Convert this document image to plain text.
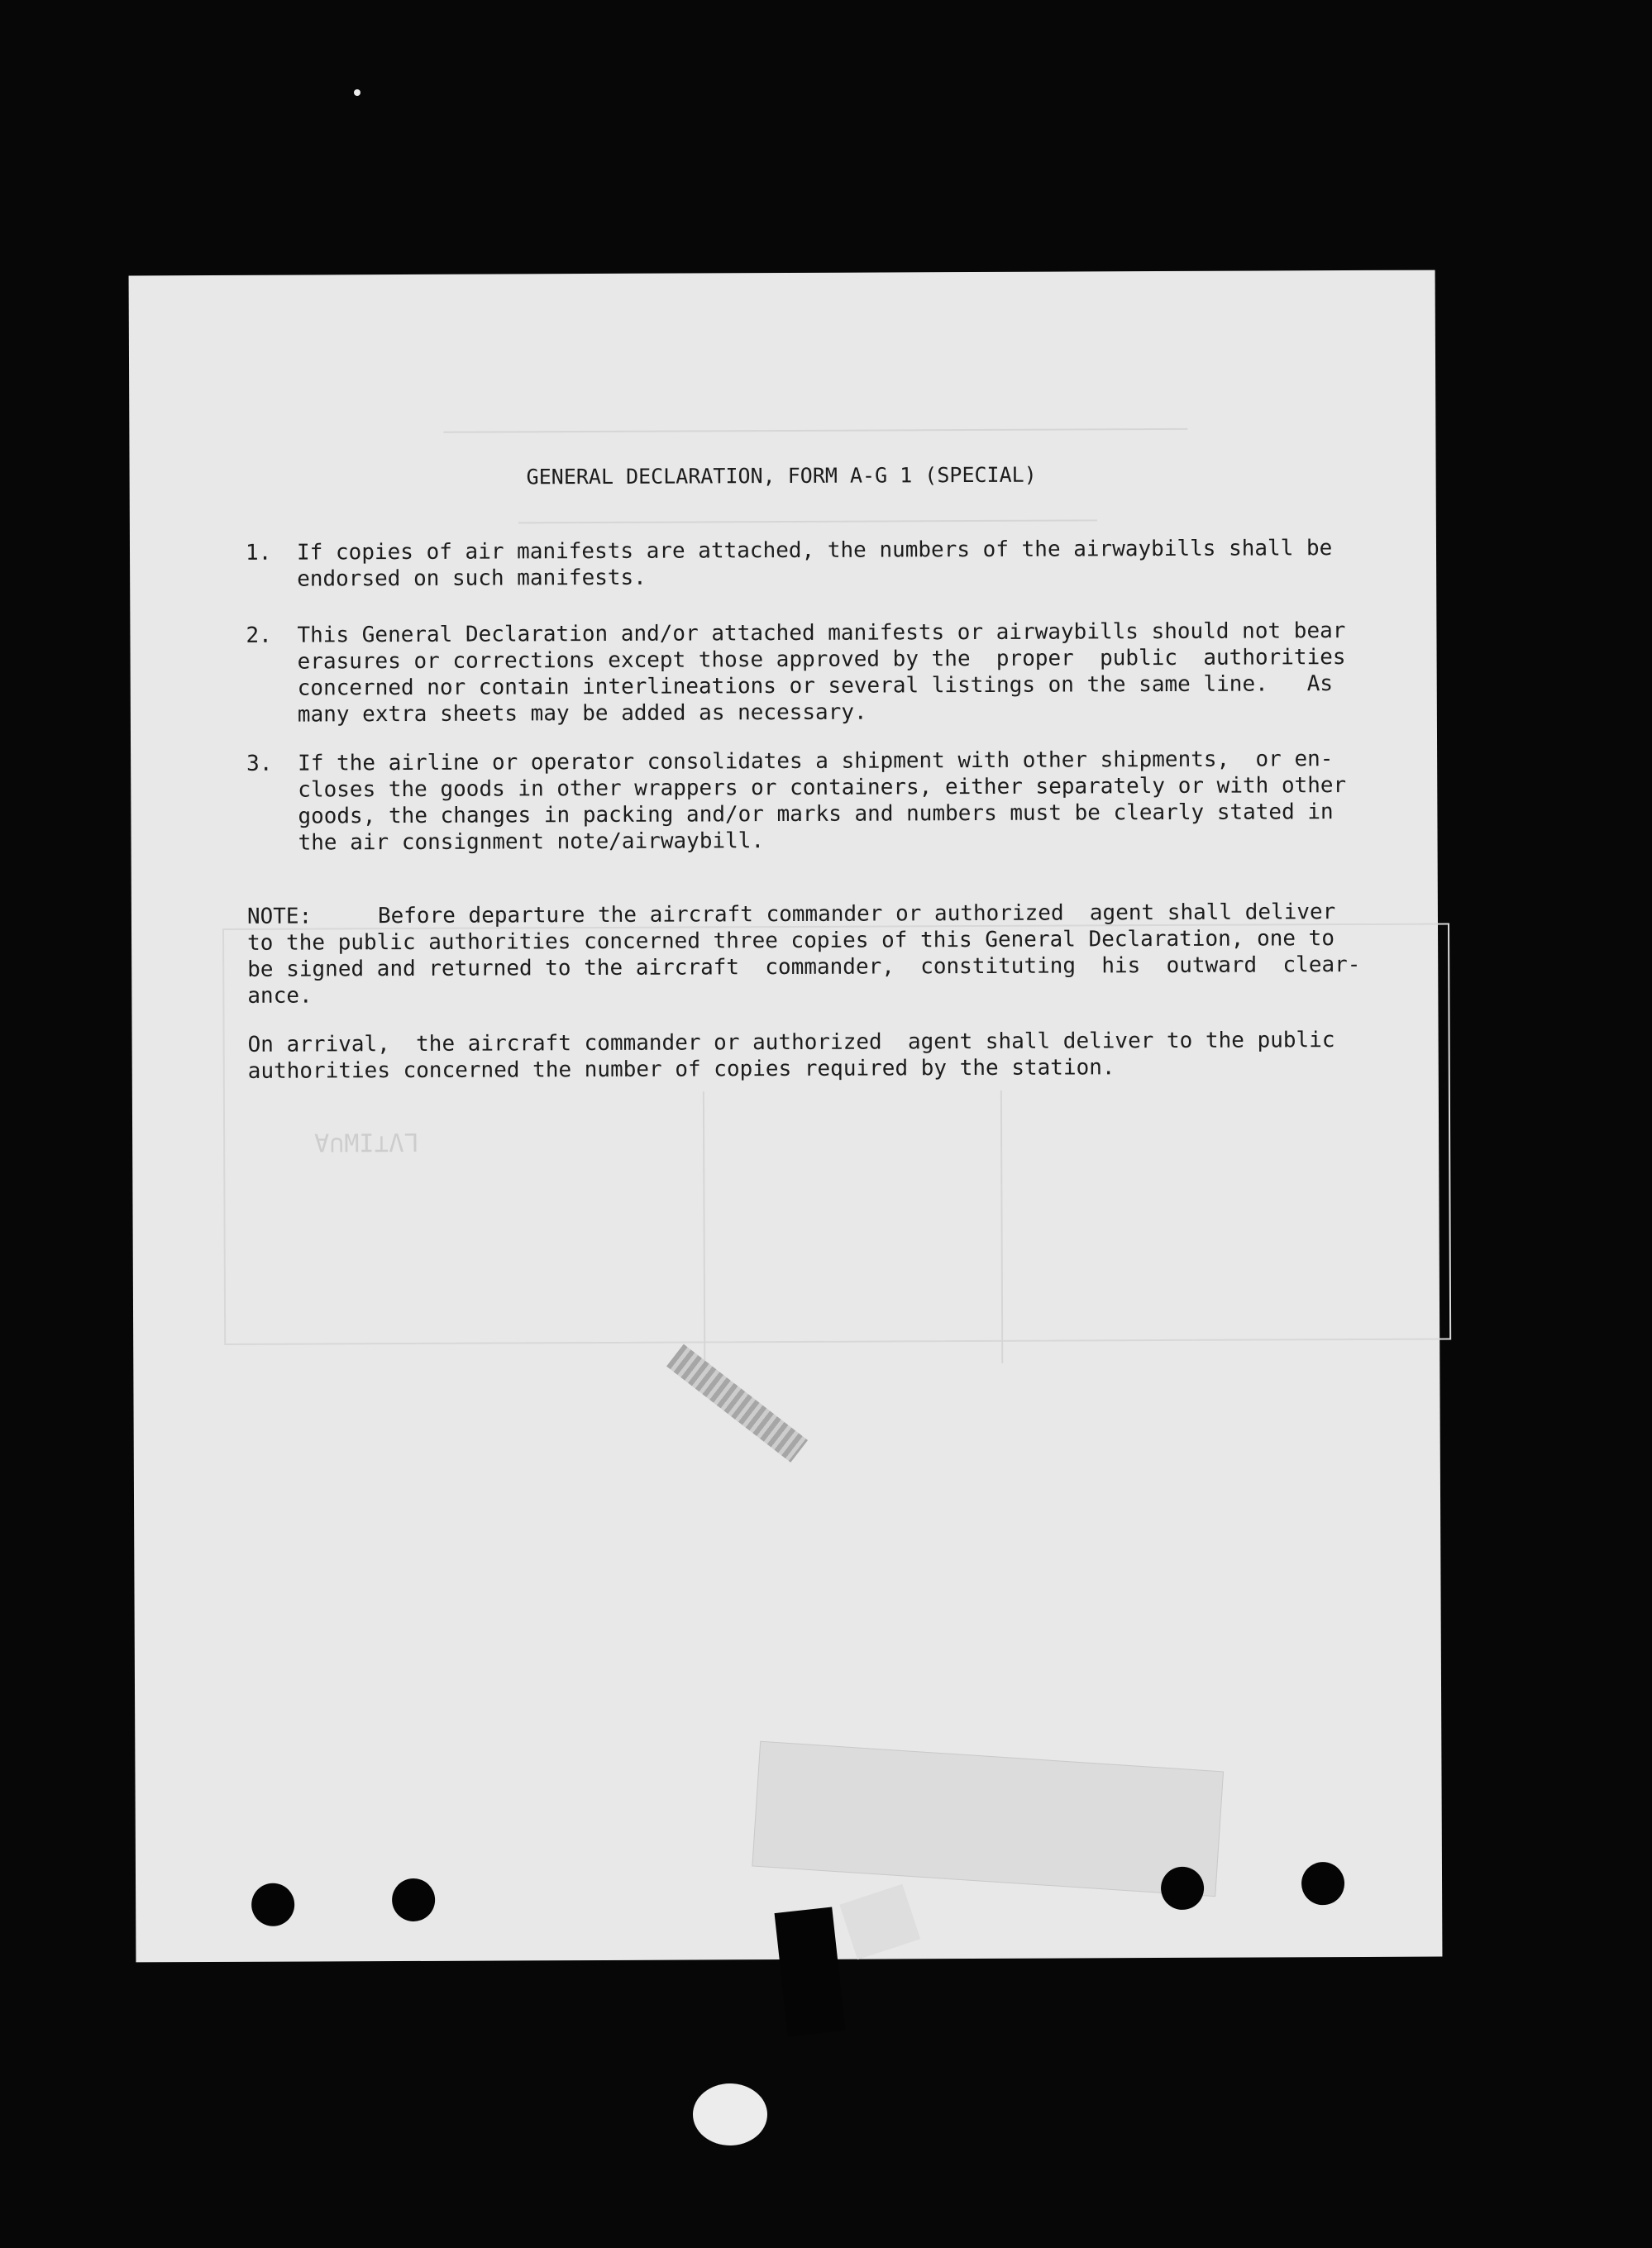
ΓΛ⊥ΙΜ∩Ɐ
GENERAL DECLARATION, FORM A-G 1 (SPECIAL)

1.

If copies of air manifests are attached, the numbers of the airwaybills shall be
endorsed on such manifests.

2.

This General Declaration and/or attached manifests or airwaybills should not bear
erasures or corrections except those approved by the  proper  public  authorities
concerned nor contain interlineations or several listings on the same line.   As
many extra sheets may be added as necessary.

3.

If the airline or operator consolidates a shipment with other shipments,  or en-
closes the goods in other wrappers or containers, either separately or with other
goods, the changes in packing and/or marks and numbers must be clearly stated in
the air consignment note/airwaybill.

NOTE:

	Before departure the aircraft commander or authorized  agent shall deliver

to the public authorities concerned three copies of this General Declaration, one to
be signed and returned to the aircraft  commander,  constituting  his  outward  clear-
ance.

On arrival,  the aircraft commander or authorized  agent shall deliver to the public
authorities concerned the number of copies required by the station.
